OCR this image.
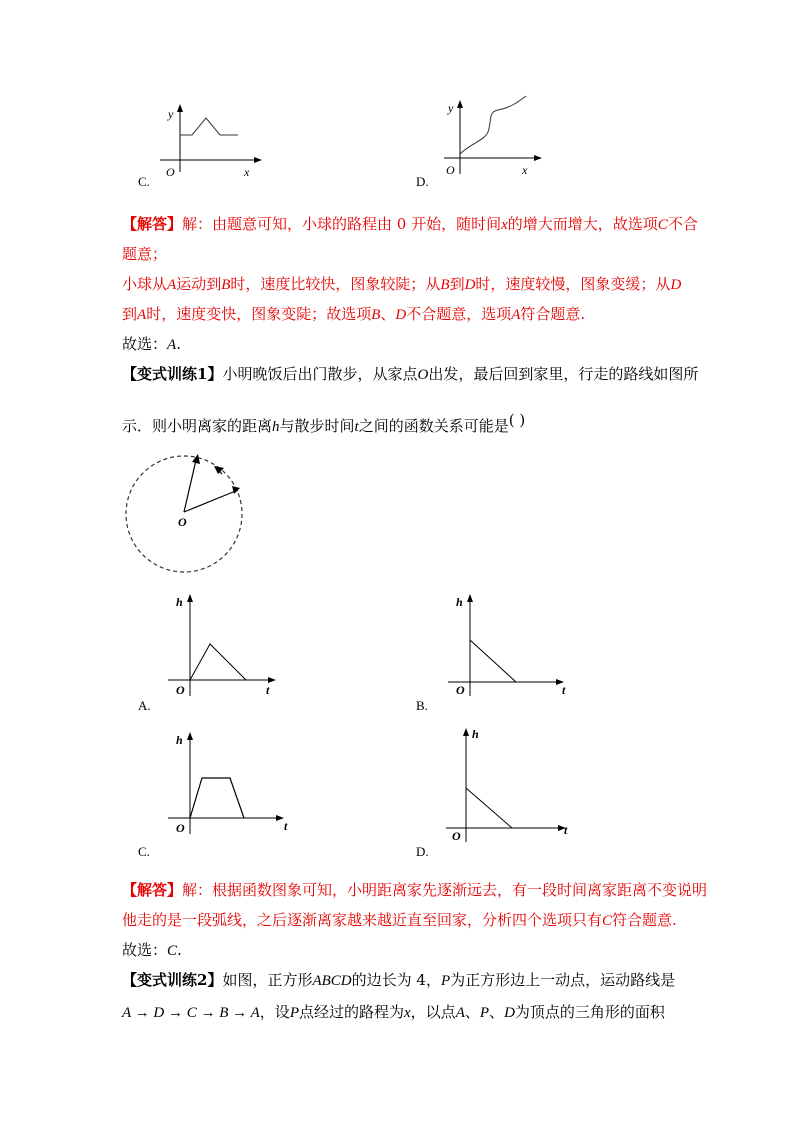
y
O	x
C.
y
O	x
D.
【解答】解：由题意可知，小球的路程由 0 开始，随时间x的增大而增大，故选项C不合
题意；
小球从A运动到B时，速度比较快，图象较陡；从B到D时，速度较慢，图象变缓；从D
到A时，速度变快，图象变陡；故选项B、D不合题意，选项A符合题意.
故选：A.
【变式训练1】小明晚饭后出门散步，从家点O出发，最后回到家里，行走的路线如图所
示．则小明离家的距离h与散步时间t之间的函数关系可能是( )
O
h
O	t
A.
h
O	t
B.
h
O	t
C.
h
O	t
D.
【解答】解：根据函数图象可知，小明距离家先逐渐远去，有一段时间离家距离不变说明
他走的是一段弧线，之后逐渐离家越来越近直至回家，分析四个选项只有C符合题意.
故选：C.
【变式训练2】如图，正方形ABCD的边长为 4，P为正方形边上一动点，运动路线是
A → D → C → B → A，设P点经过的路程为x，以点A、P、D为顶点的三角形的面积
